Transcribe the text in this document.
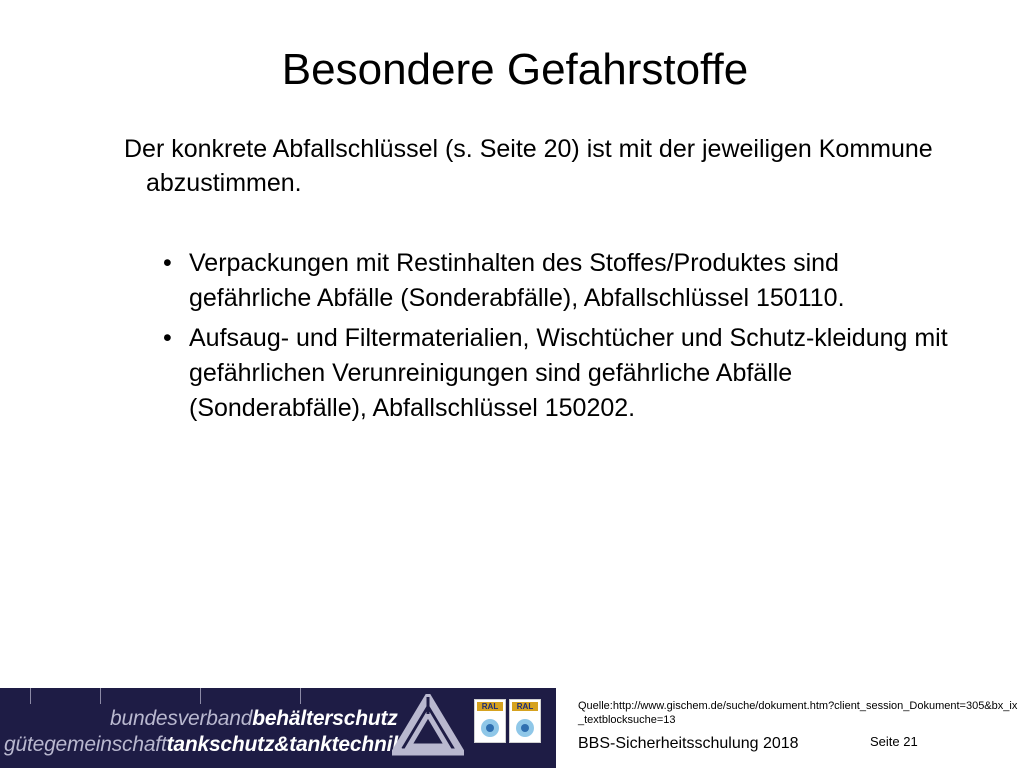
Besondere Gefahrstoffe
Der konkrete Abfallschlüssel (s. Seite 20) ist mit der jeweiligen Kommune abzustimmen.
• Verpackungen mit Restinhalten des Stoffes/Produktes sind gefährliche Abfälle (Sonderabfälle), Abfallschlüssel 150110.
• Aufsaug- und Filtermaterialien, Wischtücher und Schutz-kleidung mit gefährlichen Verunreinigungen sind gefährliche Abfälle (Sonderabfälle), Abfallschlüssel 150202.
bundesverbandbehälterschutz
gütegemeinschafttankschutz&tanktechnik
RAL	RAL	Quelle:http://www.gischem.de/suche/dokument.htm?client_session_Dokument=305&bx_ix_textblocksuche=13
BBS-Sicherheitsschulung 2018	Seite 21
